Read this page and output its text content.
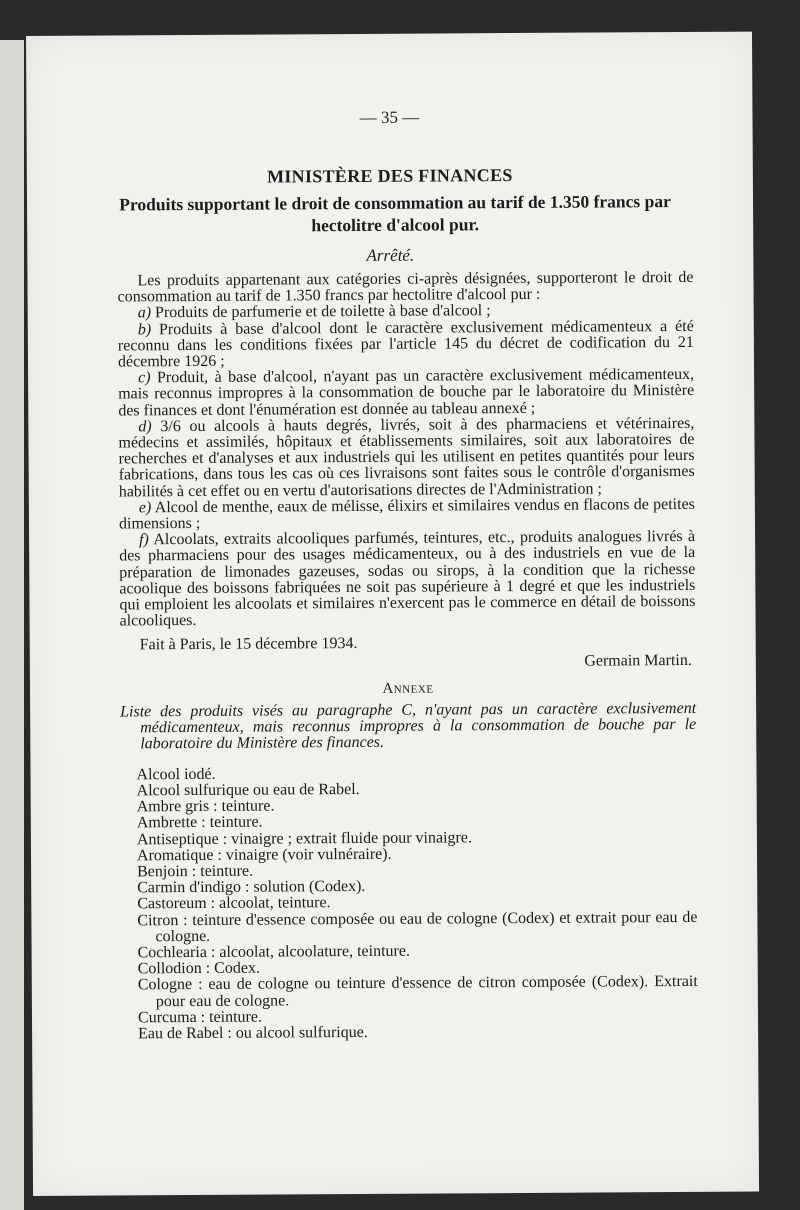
— 35 —
MINISTÈRE DES FINANCES
Produits supportant le droit de consommation au tarif de 1.350 francs par hectolitre d'alcool pur.
Arrêté.

Les produits appartenant aux catégories ci-après désignées, supporteront le droit de consommation au tarif de 1.350 francs par hectolitre d'alcool pur :

a) Produits de parfumerie et de toilette à base d'alcool ;

b) Produits à base d'alcool dont le caractère exclusivement médicamenteux a été reconnu dans les conditions fixées par l'article 145 du décret de codification du 21 décembre 1926 ;

c) Produit, à base d'alcool, n'ayant pas un caractère exclusivement médicamenteux, mais reconnus impropres à la consommation de bouche par le laboratoire du Ministère des finances et dont l'énumération est donnée au tableau annexé ;

d) 3/6 ou alcools à hauts degrés, livrés, soit à des pharmaciens et vétérinaires, médecins et assimilés, hôpitaux et établissements similaires, soit aux laboratoires de recherches et d'analyses et aux industriels qui les utilisent en petites quantités pour leurs fabrications, dans tous les cas où ces livraisons sont faites sous le contrôle d'organismes habilités à cet effet ou en vertu d'autorisations directes de l'Administration ;

e) Alcool de menthe, eaux de mélisse, élixirs et similaires vendus en flacons de petites dimensions ;

f) Alcoolats, extraits alcooliques parfumés, teintures, etc., produits analogues livrés à des pharmaciens pour des usages médicamenteux, ou à des industriels en vue de la préparation de limonades gazeuses, sodas ou sirops, à la condition que la richesse acoolique des boissons fabriquées ne soit pas supérieure à 1 degré et que les industriels qui emploient les alcoolats et similaires n'exercent pas le commerce en détail de boissons alcooliques.

Fait à Paris, le 15 décembre 1934.

Germain Martin.

Annexe

Liste des produits visés au paragraphe C, n'ayant pas un caractère exclusivement médicamenteux, mais reconnus impropres à la consommation de bouche par le laboratoire du Ministère des finances.

Alcool iodé.

Alcool sulfurique ou eau de Rabel.

Ambre gris : teinture.

Ambrette : teinture.

Antiseptique : vinaigre ; extrait fluide pour vinaigre.

Aromatique : vinaigre (voir vulnéraire).

Benjoin : teinture.

Carmin d'indigo : solution (Codex).

Castoreum : alcoolat, teinture.

Citron : teinture d'essence composée ou eau de cologne (Codex) et extrait pour eau de cologne.

Cochlearia : alcoolat, alcoolature, teinture.

Collodion : Codex.

Cologne : eau de cologne ou teinture d'essence de citron composée (Codex). Extrait pour eau de cologne.

Curcuma : teinture.

Eau de Rabel : ou alcool sulfurique.
